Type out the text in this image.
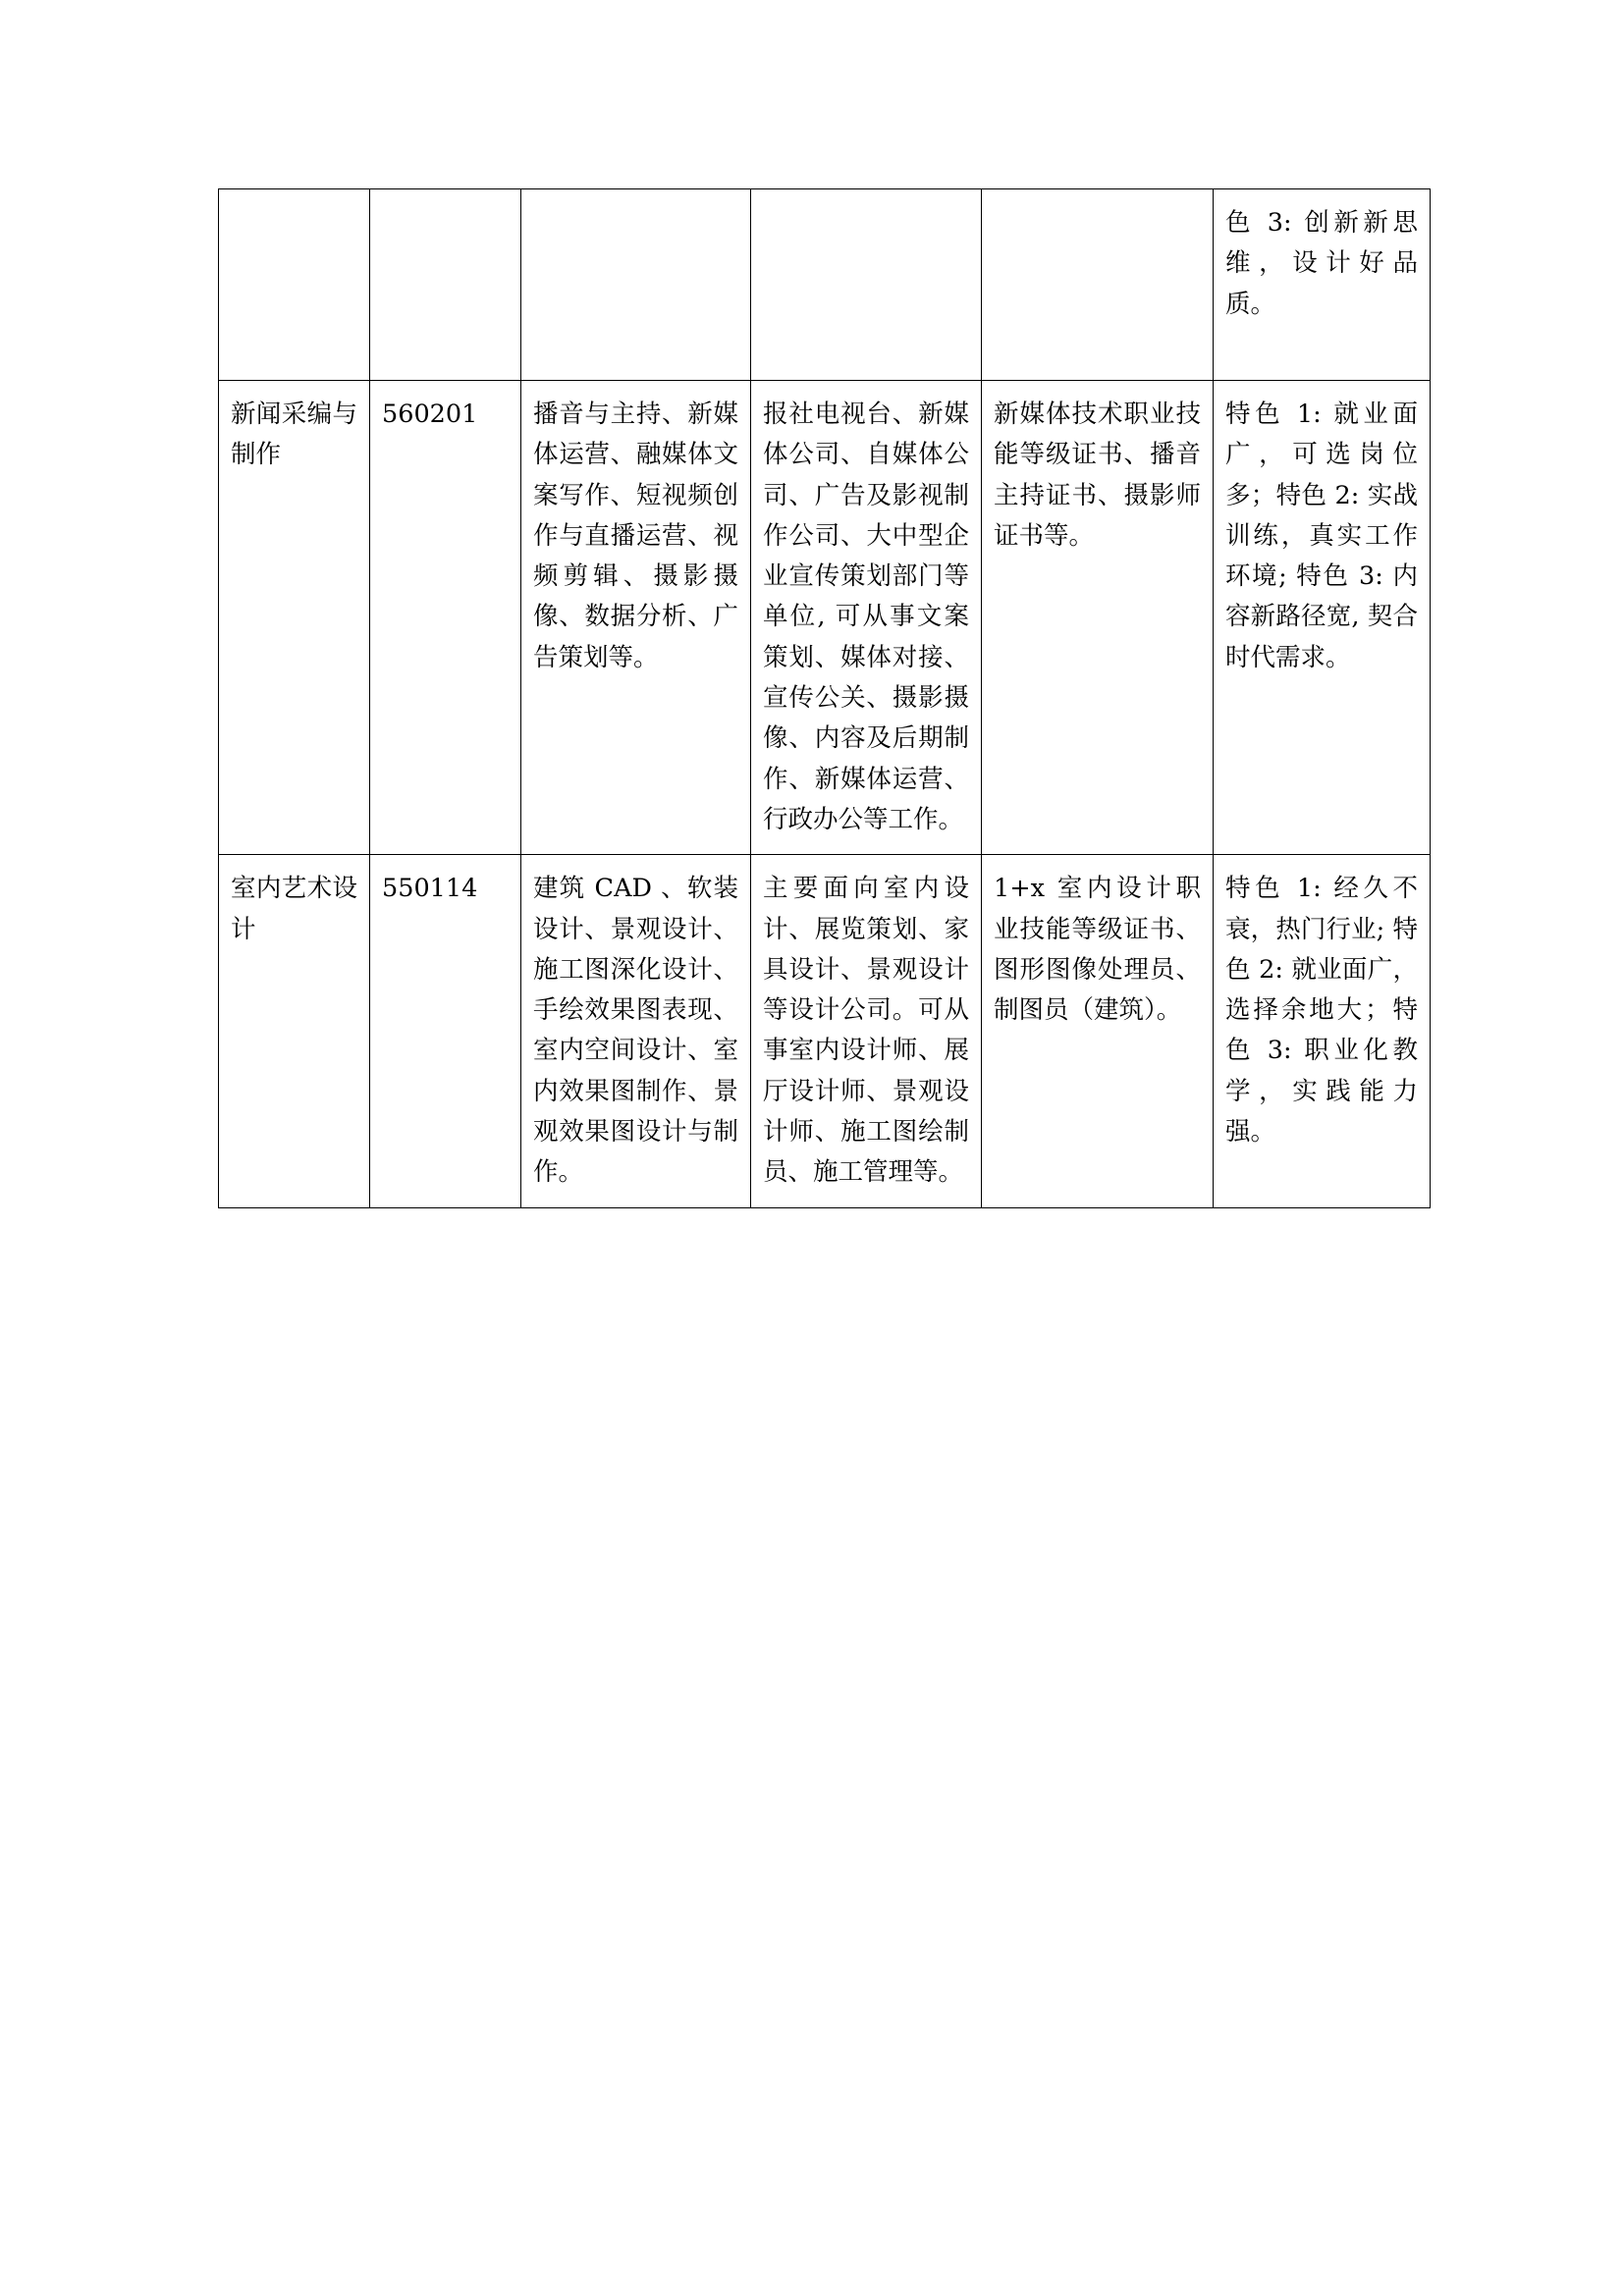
					色 3: 创新新思维，设计好品质。

新闻采编与制作	560201	播音与主持、新媒体运营、融媒体文案写作、短视频创作与直播运营、视频剪辑、摄影摄像、数据分析、广告策划等。	报社电视台、新媒体公司、自媒体公司、广告及影视制作公司、大中型企业宣传策划部门等单位, 可从事文案策划、媒体对接、宣传公关、摄影摄像、内容及后期制作、新媒体运营、行政办公等工作。	新媒体技术职业技能等级证书、播音主持证书、摄影师证书等。	特色 1: 就业面广，可选岗位多；特色 2: 实战训练，真实工作环境; 特色 3: 内容新路径宽, 契合时代需求。

室内艺术设计	550114	建筑 CAD 、软装设计、景观设计、施工图深化设计、手绘效果图表现、室内空间设计、室内效果图制作、景观效果图设计与制作。	主要面向室内设计、展览策划、家具设计、景观设计等设计公司。可从事室内设计师、展厅设计师、景观设计师、施工图绘制员、施工管理等。	1+x 室内设计职业技能等级证书、图形图像处理员、制图员（建筑）。	特色 1: 经久不衰，热门行业; 特色 2: 就业面广，选择余地大；特色 3: 职业化教学，实践能力强。
